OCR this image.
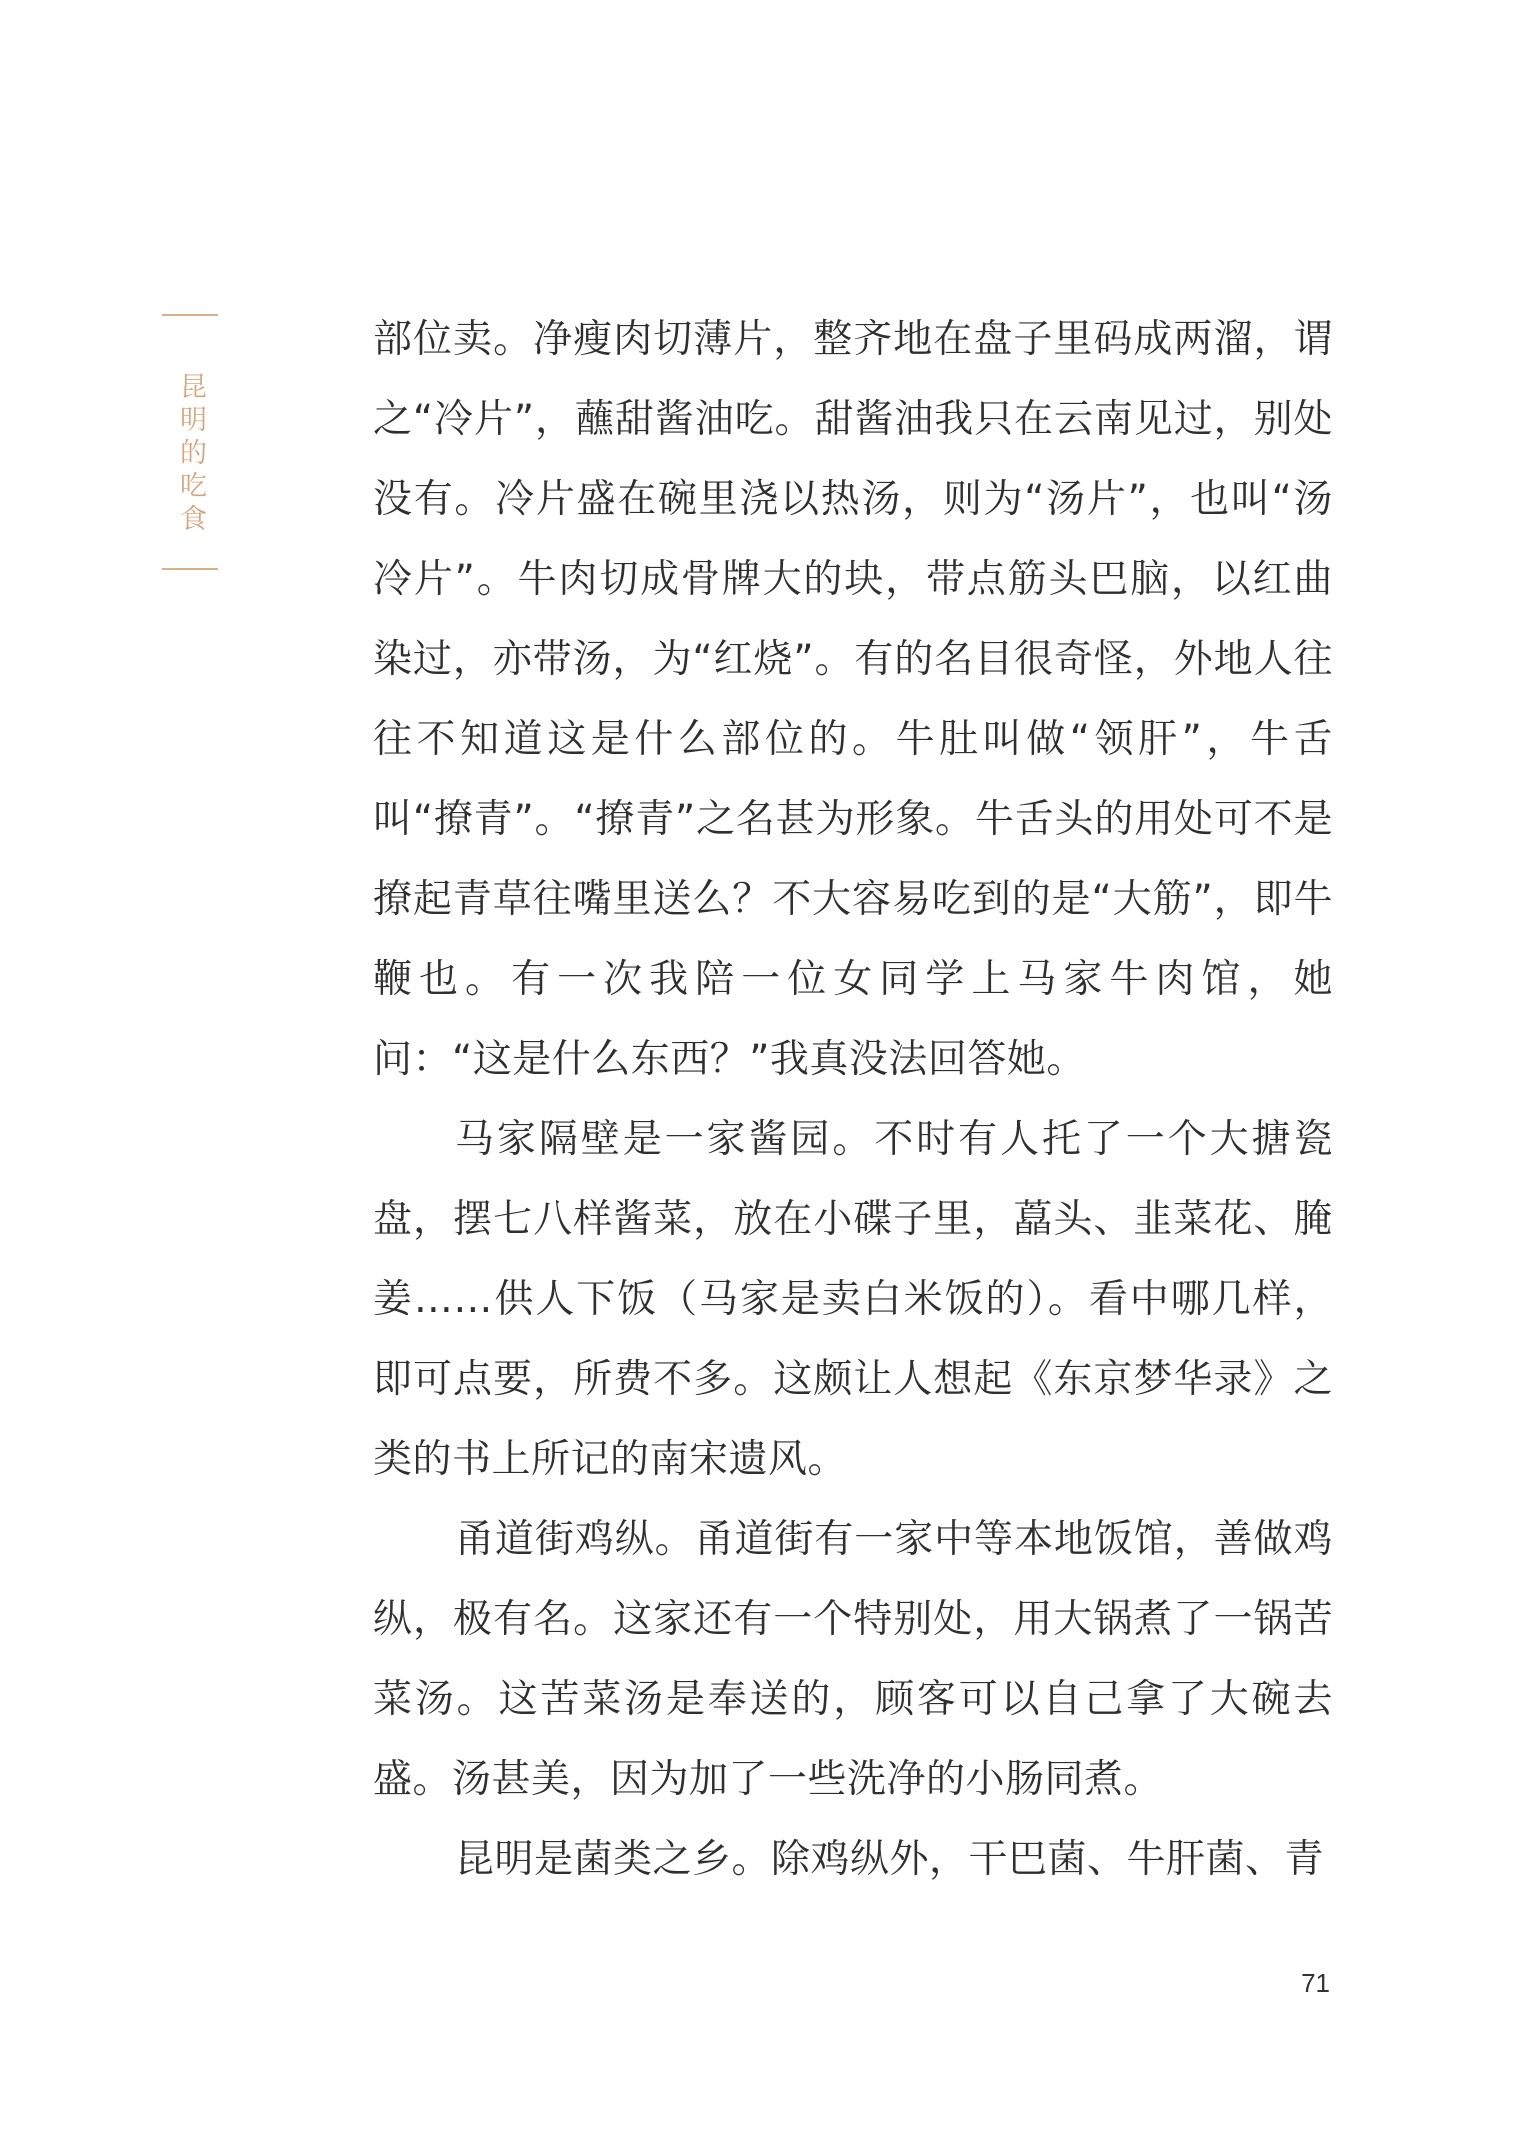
昆明的吃食

部位卖。净瘦肉切薄片，整齐地在盘子里码成两溜，谓之“冷片”，蘸甜酱油吃。甜酱油我只在云南见过，别处没有。冷片盛在碗里浇以热汤，则为“汤片”，也叫“汤冷片”。牛肉切成骨牌大的块，带点筋头巴脑，以红曲染过，亦带汤，为“红烧”。有的名目很奇怪，外地人往往不知道这是什么部位的。牛肚叫做“领肝”，牛舌叫“撩青”。“撩青”之名甚为形象。牛舌头的用处可不是撩起青草往嘴里送么？不大容易吃到的是“大筋”，即牛鞭也。有一次我陪一位女同学上马家牛肉馆，她问：“这是什么东西？”我真没法回答她。

马家隔壁是一家酱园。不时有人托了一个大搪瓷盘，摆七八样酱菜，放在小碟子里，藠头、韭菜花、腌姜……供人下饭（马家是卖白米饭的）。看中哪几样，即可点要，所费不多。这颇让人想起《东京梦华录》之类的书上所记的南宋遗风。

甬道街鸡纵。甬道街有一家中等本地饭馆，善做鸡纵，极有名。这家还有一个特别处，用大锅煮了一锅苦菜汤。这苦菜汤是奉送的，顾客可以自己拿了大碗去盛。汤甚美，因为加了一些洗净的小肠同煮。

昆明是菌类之乡。除鸡纵外，干巴菌、牛肝菌、青

71
